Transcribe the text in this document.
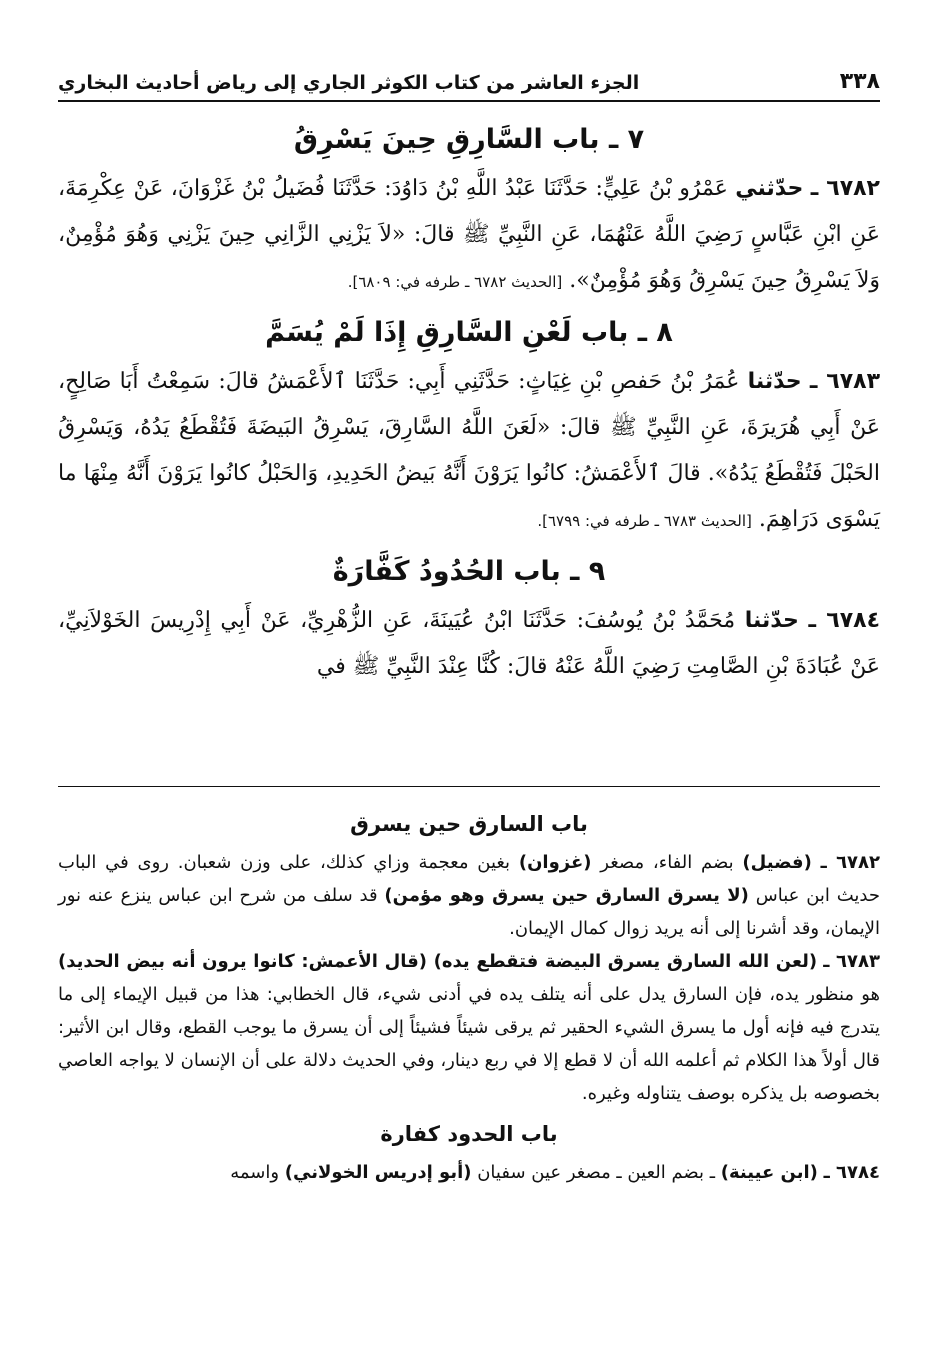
٣٣٨
الجزء العاشر من كتاب الكوثر الجاري إلى رياض أحاديث البخاري
٧ ـ باب السَّارِقِ حِينَ يَسْرِقُ

٦٧٨٢ ـ حدّثني عَمْرُو بْنُ عَلِيٍّ: حَدَّثَنَا عَبْدُ اللَّهِ بْنُ دَاوُدَ: حَدَّثَنَا فُضَيلُ بْنُ غَزْوَانَ، عَنْ عِكْرِمَةَ، عَنِ ابْنِ عَبَّاسٍ رَضِيَ اللَّهُ عَنْهُمَا، عَنِ النَّبِيِّ ﷺ قالَ: «لاَ يَزْنِي الزَّانِي حِينَ يَزْنِي وَهُوَ مُؤْمِنٌ، وَلاَ يَسْرِقُ حِينَ يَسْرِقُ وَهُوَ مُؤْمِنٌ». [الحديث ٦٧٨٢ ـ طرفه في: ٦٨٠٩].

٨ ـ باب لَعْنِ السَّارِقِ إِذَا لَمْ يُسَمَّ

٦٧٨٣ ـ حدّثنا عُمَرُ بْنُ حَفصِ بْنِ غِيَاثٍ: حَدَّثَنِي أَبِي: حَدَّثَنَا ٱلأَعْمَشُ قالَ: سَمِعْتُ أَبَا صَالِحٍ، عَنْ أَبِي هُرَيرَةَ، عَنِ النَّبِيِّ ﷺ قالَ: «لَعَنَ اللَّهُ السَّارِقَ، يَسْرِقُ البَيضَةَ فَتُقْطَعُ يَدُهُ، وَيَسْرِقُ الحَبْلَ فَتُقْطَعُ يَدُهُ». قالَ ٱلأَعْمَشُ: كانُوا يَرَوْنَ أَنَّهُ بَيضُ الحَدِيدِ، وَالحَبْلُ كانُوا يَرَوْنَ أَنَّهُ مِنْهَا ما يَسْوَى دَرَاهِمَ. [الحديث ٦٧٨٣ ـ طرفه في: ٦٧٩٩].

٩ ـ باب الحُدُودُ كَفَّارَةٌ

٦٧٨٤ ـ حدّثنا مُحَمَّدُ بْنُ يُوسُفَ: حَدَّثَنَا ابْنُ عُيَينَةَ، عَنِ الزُّهْرِيِّ، عَنْ أَبِي إِدْرِيسَ الخَوْلاَنِيِّ، عَنْ عُبَادَةَ بْنِ الصَّامِتِ رَضِيَ اللَّهُ عَنْهُ قالَ: كُنَّا عِنْدَ النَّبِيِّ ﷺ في

باب السارق حين يسرق

٦٧٨٢ ـ (فضيل) بضم الفاء، مصغر (غزوان) بغين معجمة وزاي كذلك، على وزن شعبان. روى في الباب حديث ابن عباس (لا يسرق السارق حين يسرق وهو مؤمن) قد سلف من شرح ابن عباس ينزع عنه نور الإيمان، وقد أشرنا إلى أنه يريد زوال كمال الإيمان.

٦٧٨٣ ـ (لعن الله السارق يسرق البيضة فتقطع يده) (قال الأعمش: كانوا يرون أنه بيض الحديد) هو منظور يده، فإن السارق يدل على أنه يتلف يده في أدنى شيء، قال الخطابي: هذا من قبيل الإيماء إلى ما يتدرج فيه فإنه أول ما يسرق الشيء الحقير ثم يرقى شيئاً فشيئاً إلى أن يسرق ما يوجب القطع، وقال ابن الأثير: قال أولاً هذا الكلام ثم أعلمه الله أن لا قطع إلا في ربع دينار، وفي الحديث دلالة على أن الإنسان لا يواجه العاصي بخصوصه بل يذكره بوصف يتناوله وغيره.

باب الحدود كفارة

٦٧٨٤ ـ (ابن عيينة) ـ بضم العين ـ مصغر عين سفيان (أبو إدريس الخولاني) واسمه
